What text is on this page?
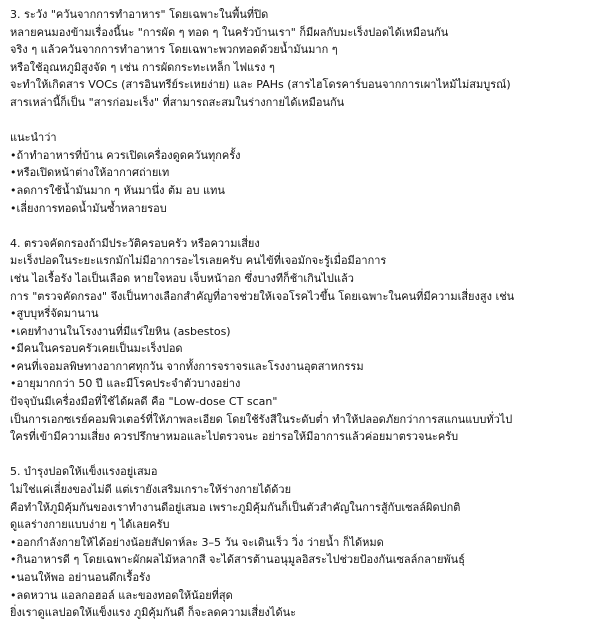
3. ระวัง "ควันจากการทำอาหาร" โดยเฉพาะในพื้นที่ปิด
หลายคนมองข้ามเรื่องนี้นะ "การผัด ๆ ทอด ๆ ในครัวบ้านเรา" ก็มีผลกับมะเร็งปอดได้เหมือนกัน
จริง ๆ แล้วควันจากการทำอาหาร โดยเฉพาะพวกทอดด้วยน้ำมันมาก ๆ
หรือใช้อุณหภูมิสูงจัด ๆ เช่น การผัดกระทะเหล็ก ไฟแรง ๆ
จะทำให้เกิดสาร VOCs (สารอินทรีย์ระเหยง่าย) และ PAHs (สารไฮโดรคาร์บอนจากการเผาไหม้ไม่สมบูรณ์)
สารเหล่านี้ก็เป็น "สารก่อมะเร็ง" ที่สามารถสะสมในร่างกายได้เหมือนกัน
แนะนำว่า
•ถ้าทำอาหารที่บ้าน ควรเปิดเครื่องดูดควันทุกครั้ง
•หรือเปิดหน้าต่างให้อากาศถ่ายเท
•ลดการใช้น้ำมันมาก ๆ หันมานึ่ง ต้ม อบ แทน
•เลี่ยงการทอดน้ำมันซ้ำหลายรอบ
4. ตรวจคัดกรองถ้ามีประวัติครอบครัว หรือความเสี่ยง
มะเร็งปอดในระยะแรกมักไม่มีอาการอะไรเลยครับ คนไข้ที่เจอมักจะรู้เมื่อมีอาการ
เช่น ไอเรื้อรัง ไอเป็นเลือด หายใจหอบ เจ็บหน้าอก ซึ่งบางทีก็ช้าเกินไปแล้ว
การ "ตรวจคัดกรอง" จึงเป็นทางเลือกสำคัญที่อาจช่วยให้เจอโรคไวขึ้น โดยเฉพาะในคนที่มีความเสี่ยงสูง เช่น
•สูบบุหรี่จัดมานาน
•เคยทำงานในโรงงานที่มีแร่ใยหิน (asbestos)
•มีคนในครอบครัวเคยเป็นมะเร็งปอด
•คนที่เจอมลพิษทางอากาศทุกวัน จากทั้งการจราจรและโรงงานอุตสาหกรรม
•อายุมากกว่า 50 ปี และมีโรคประจำตัวบางอย่าง
ปัจจุบันมีเครื่องมือที่ใช้ได้ผลดี คือ "Low-dose CT scan"
เป็นการเอกซเรย์คอมพิวเตอร์ที่ให้ภาพละเอียด โดยใช้รังสีในระดับต่ำ ทำให้ปลอดภัยกว่าการสแกนแบบทั่วไป
ใครที่เข้ามีความเสี่ยง ควรปรึกษาหมอและไปตรวจนะ อย่ารอให้มีอาการแล้วค่อยมาตรวจนะครับ
5. บำรุงปอดให้แข็งแรงอยู่เสมอ
ไม่ใช่แค่เลี่ยงของไม่ดี แต่เรายังเสริมเกราะให้ร่างกายได้ด้วย
คือทำให้ภูมิคุ้มกันของเราทำงานดีอยู่เสมอ เพราะภูมิคุ้มกันก็เป็นตัวสำคัญในการสู้กับเซลล์ผิดปกติ
ดูแลร่างกายแบบง่าย ๆ ได้เลยครับ
•ออกกำลังกายให้ได้อย่างน้อยสัปดาห์ละ 3–5 วัน จะเดินเร็ว วิ่ง ว่ายน้ำ ก็ได้หมด
•กินอาหารดี ๆ โดยเฉพาะผักผลไม้หลากสี จะได้สารต้านอนุมูลอิสระไปช่วยป้องกันเซลล์กลายพันธุ์
•นอนให้พอ อย่านอนดึกเรื้อรัง
•ลดหวาน แอลกอฮอล์ และของทอดให้น้อยที่สุด
ยิ่งเราดูแลปอดให้แข็งแรง ภูมิคุ้มกันดี ก็จะลดความเสี่ยงได้นะ
